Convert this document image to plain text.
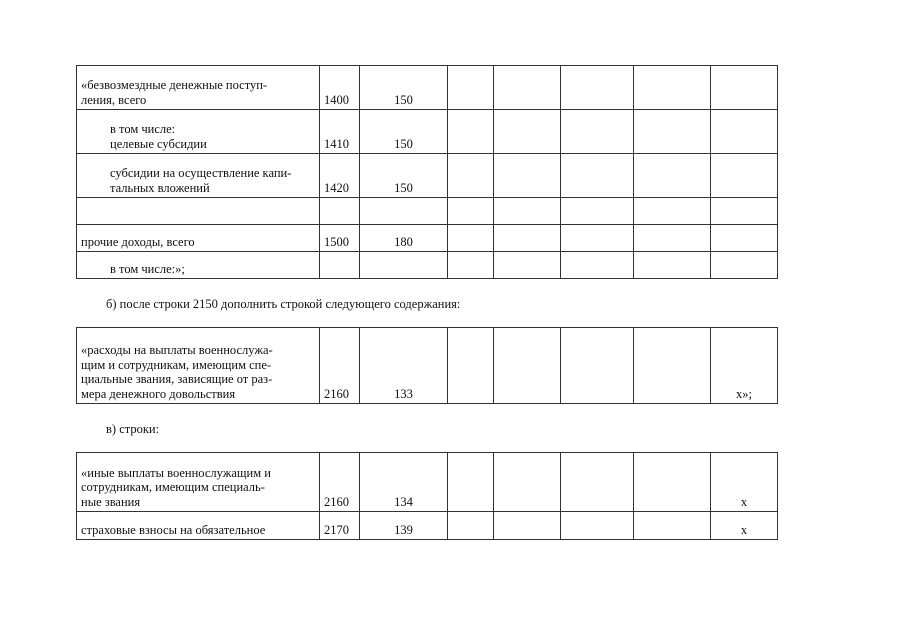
«безвозмездные денежные поступ-
ления, всего	1400	150					

в том числе:
целевые субсидии	1410	150					

субсидии на осуществление капи-
тальных вложений	1420	150					

прочие доходы, всего	1500	180					

в том числе:»;							

б) после строки 2150 дополнить строкой следующего содержания:
«расходы на выплаты военнослужа-
щим и сотрудникам, имеющим спе-
циальные звания, зависящие от раз-
мера денежного довольствия	2160	133					х»;
в) строки:
«иные выплаты военнослужащим и
сотрудникам, имеющим специаль-
ные звания	2160	134					х

страховые взносы на обязательное	2170	139					х
